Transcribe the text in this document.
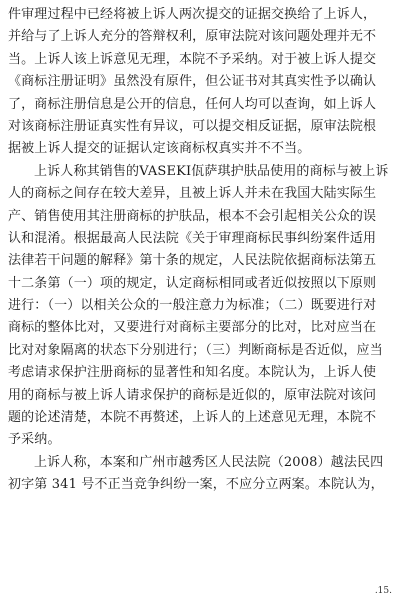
件审理过程中已经将被上诉人两次提交的证据交换给了上诉人，
并给与了上诉人充分的答辩权利，原审法院对该问题处理并无不
当。上诉人该上诉意见无理，本院不予采纳。对于被上诉人提交
《商标注册证明》虽然没有原件，但公证书对其真实性予以确认
了，商标注册信息是公开的信息，任何人均可以查询，如上诉人
对该商标注册证真实性有异议，可以提交相反证据，原审法院根
据被上诉人提交的证据认定该商标权真实并不不当。
上诉人称其销售的VASEKI佤萨琪护肤品使用的商标与被上诉
人的商标之间存在较大差异，且被上诉人并未在我国大陆实际生
产、销售使用其注册商标的护肤品，根本不会引起相关公众的误
认和混淆。根据最高人民法院《关于审理商标民事纠纷案件适用
法律若干问题的解释》第十条的规定，人民法院依据商标法第五
十二条第（一）项的规定，认定商标相同或者近似按照以下原则
进行：（一）以相关公众的一般注意力为标准；（二）既要进行对
商标的整体比对，又要进行对商标主要部分的比对，比对应当在
比对对象隔离的状态下分别进行；（三）判断商标是否近似，应当
考虑请求保护注册商标的显著性和知名度。本院认为，上诉人使
用的商标与被上诉人请求保护的商标是近似的，原审法院对该问
题的论述清楚，本院不再赘述，上诉人的上述意见无理，本院不
予采纳。
上诉人称，本案和广州市越秀区人民法院（2008）越法民四
初字第 341 号不正当竞争纠纷一案，不应分立两案。本院认为，
.15.
